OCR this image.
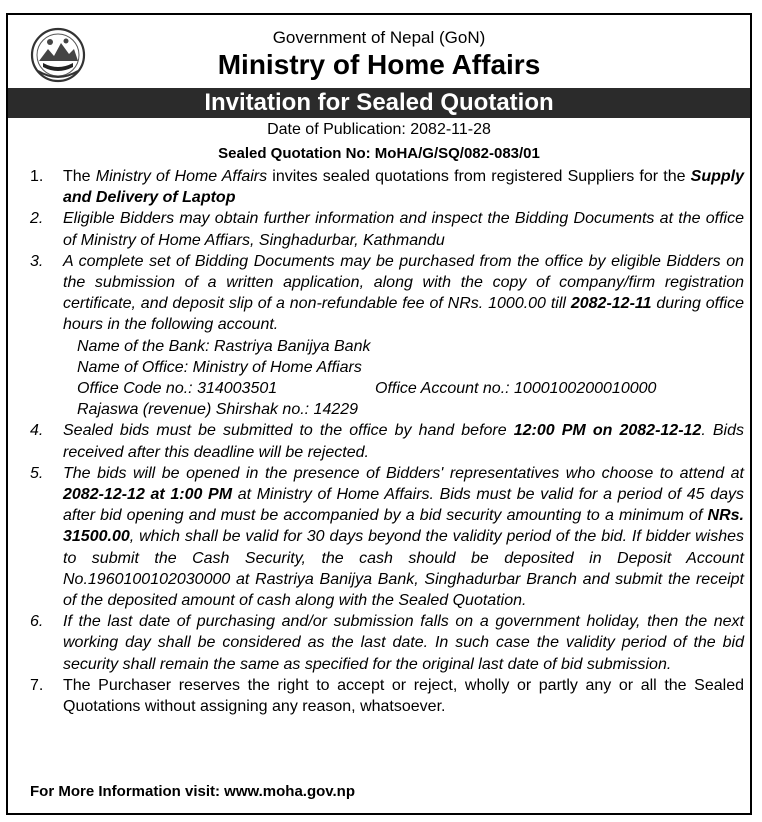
Government of Nepal (GoN)
Ministry of Home Affairs
Invitation for Sealed Quotation
Date of Publication: 2082-11-28
Sealed Quotation No: MoHA/G/SQ/082-083/01
1.	The Ministry of Home Affairs invites sealed quotations from registered Suppliers for the Supply and Delivery of Laptop
2.	Eligible Bidders may obtain further information and inspect the Bidding Documents at the office of Ministry of Home Affiars, Singhadurbar, Kathmandu
3.	A complete set of Bidding Documents may be purchased from the office by eligible Bidders on the submission of a written application, along with the copy of company/firm registration certificate, and deposit slip of a non-refundable fee of NRs. 1000.00 till 2082-12-11 during office hours in the following account.
Name of the Bank: Rastriya Banijya Bank
Name of Office: Ministry of Home Affiars
Office Code no.: 314003501	Office Account no.: 1000100200010000
Rajaswa (revenue) Shirshak no.: 14229
4.	Sealed bids must be submitted to the office by hand before 12:00 PM on 2082-12-12. Bids received after this deadline will be rejected.
5.	The bids will be opened in the presence of Bidders' representatives who choose to attend at 2082-12-12 at 1:00 PM at Ministry of Home Affairs. Bids must be valid for a period of 45 days after bid opening and must be accompanied by a bid security amounting to a minimum of NRs. 31500.00, which shall be valid for 30 days beyond the validity period of the bid. If bidder wishes to submit the Cash Security, the cash should be deposited in Deposit Account No.1960100102030000 at Rastriya Banijya Bank, Singhadurbar Branch and submit the receipt of the deposited amount of cash along with the Sealed Quotation.
6.	If the last date of purchasing and/or submission falls on a government holiday, then the next working day shall be considered as the last date. In such case the validity period of the bid security shall remain the same as specified for the original last date of bid submission.
7.	The Purchaser reserves the right to accept or reject, wholly or partly any or all the Sealed Quotations without assigning any reason, whatsoever.
For More Information visit: www.moha.gov.np
